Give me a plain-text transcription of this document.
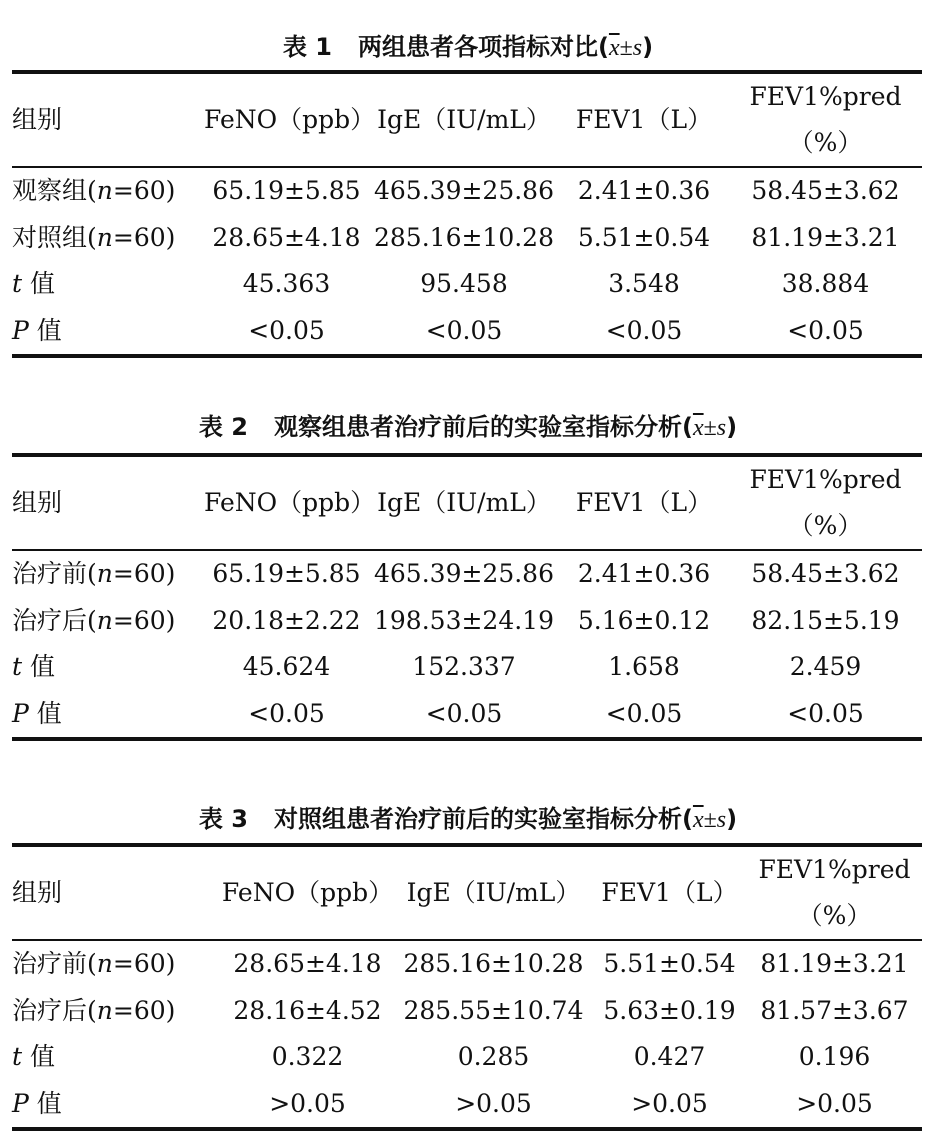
表 1 两组患者各项指标对比$(\overline{x}\pm s)$
组别	FeNO（ppb）	IgE（IU/mL）	FEV1（L）	FEV1%pred
（%）

观察组(n=60)	65.19±5.85	465.39±25.86	2.41±0.36	58.45±3.62
对照组(n=60)	28.65±4.18	285.16±10.28	5.51±0.54	81.19±3.21
t 值	45.363	95.458	3.548	38.884
P 值	<0.05	<0.05	<0.05	<0.05
表 2 观察组患者治疗前后的实验室指标分析$(\overline{x}\pm s)$
组别	FeNO（ppb）	IgE（IU/mL）	FEV1（L）	FEV1%pred
（%）

治疗前(n=60)	65.19±5.85	465.39±25.86	2.41±0.36	58.45±3.62
治疗后(n=60)	20.18±2.22	198.53±24.19	5.16±0.12	82.15±5.19
t 值	45.624	152.337	1.658	2.459
P 值	<0.05	<0.05	<0.05	<0.05
表 3 对照组患者治疗前后的实验室指标分析$(\overline{x}\pm s)$
组别	FeNO（ppb）	IgE（IU/mL）	FEV1（L）	FEV1%pred
（%）

治疗前(n=60)	28.65±4.18	285.16±10.28	5.51±0.54	81.19±3.21
治疗后(n=60)	28.16±4.52	285.55±10.74	5.63±0.19	81.57±3.67
t 值	0.322	0.285	0.427	0.196
P 值	>0.05	>0.05	>0.05	>0.05
